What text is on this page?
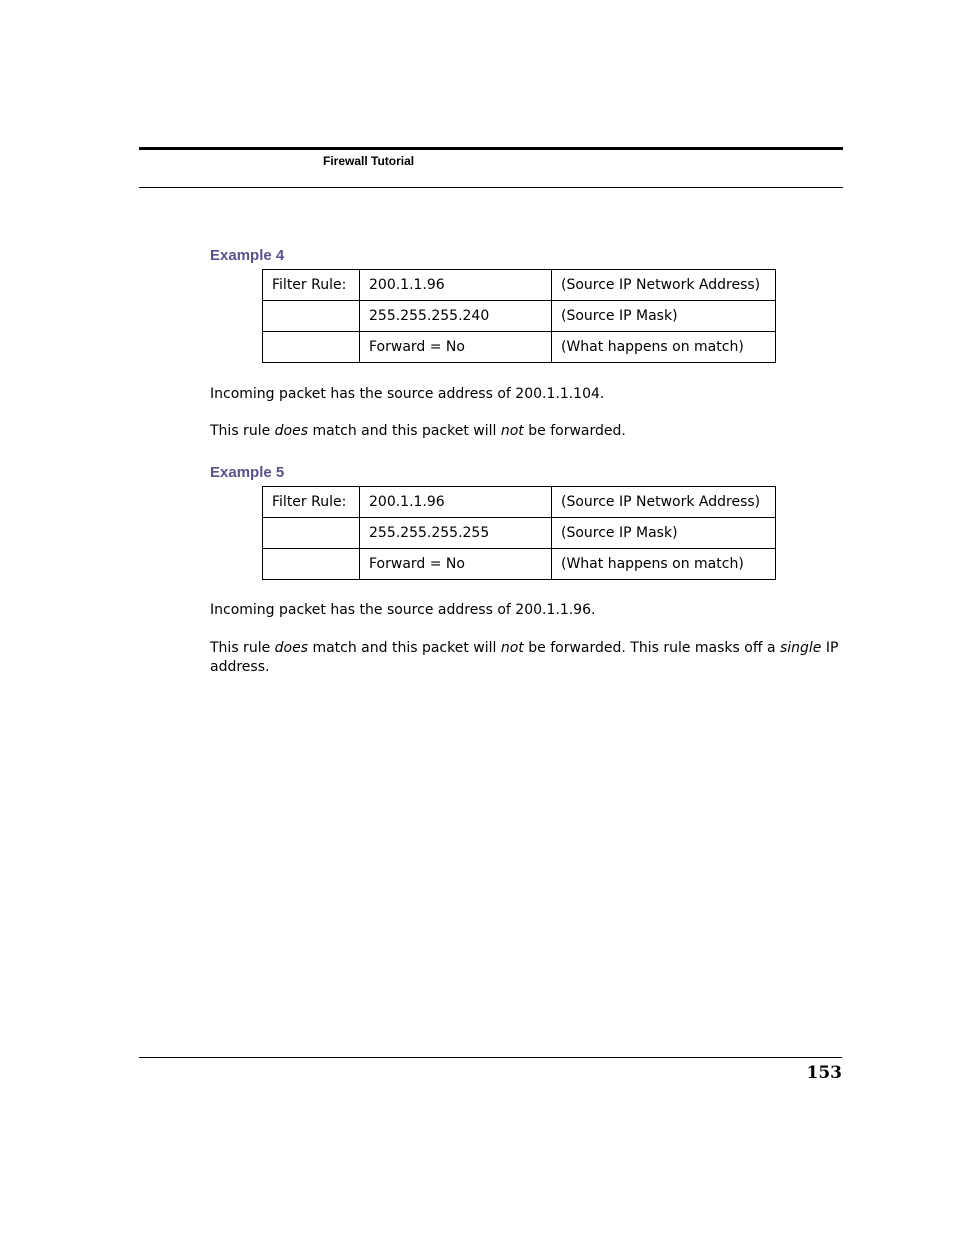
Firewall Tutorial
Example 4
Filter Rule:	200.1.1.96	(Source IP Network Address)
	255.255.255.240	(Source IP Mask)
	Forward = No	(What happens on match)
Incoming packet has the source address of 200.1.1.104.
This rule does match and this packet will not be forwarded.
Example 5
Filter Rule:	200.1.1.96	(Source IP Network Address)
	255.255.255.255	(Source IP Mask)
	Forward = No	(What happens on match)
Incoming packet has the source address of 200.1.1.96.
This rule does match and this packet will not be forwarded. This rule masks off a single IP address.
153
